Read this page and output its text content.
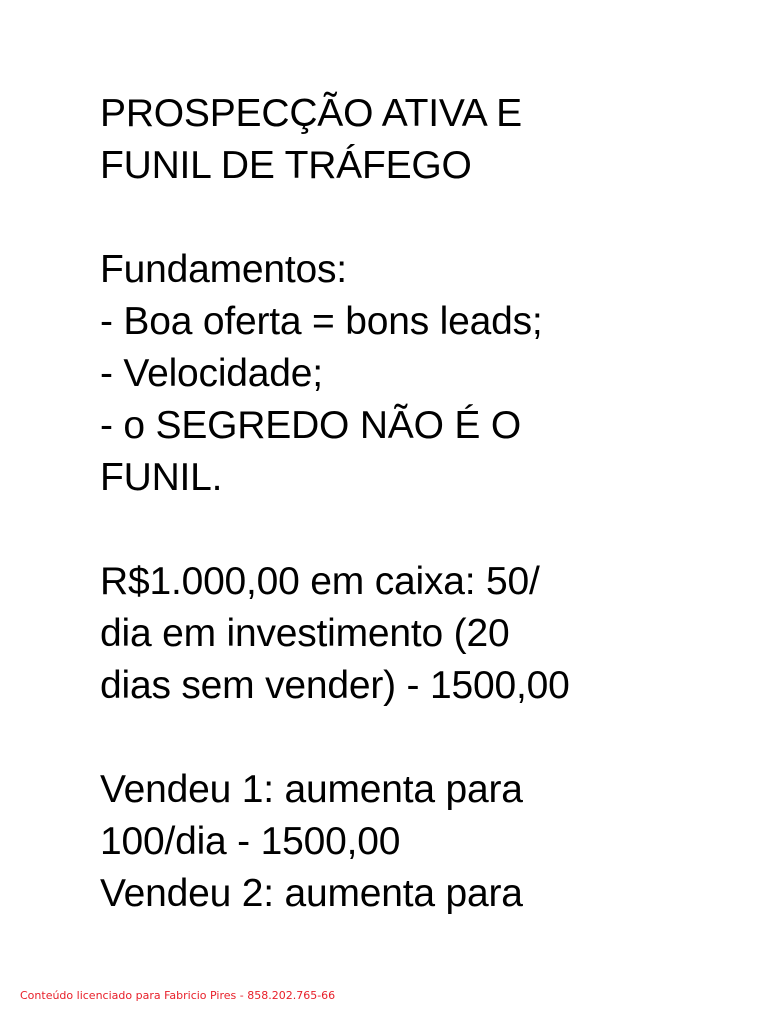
PROSPECÇÃO ATIVA E
FUNIL DE TRÁFEGO
Fundamentos:
- Boa oferta = bons leads;
- Velocidade;
- o SEGREDO NÃO É O
FUNIL.
R$1.000,00 em caixa: 50/
dia em investimento (20
dias sem vender) - 1500,00
Vendeu 1: aumenta para
100/dia - 1500,00
Vendeu 2: aumenta para
Conteúdo licenciado para Fabricio Pires - 858.202.765-66
